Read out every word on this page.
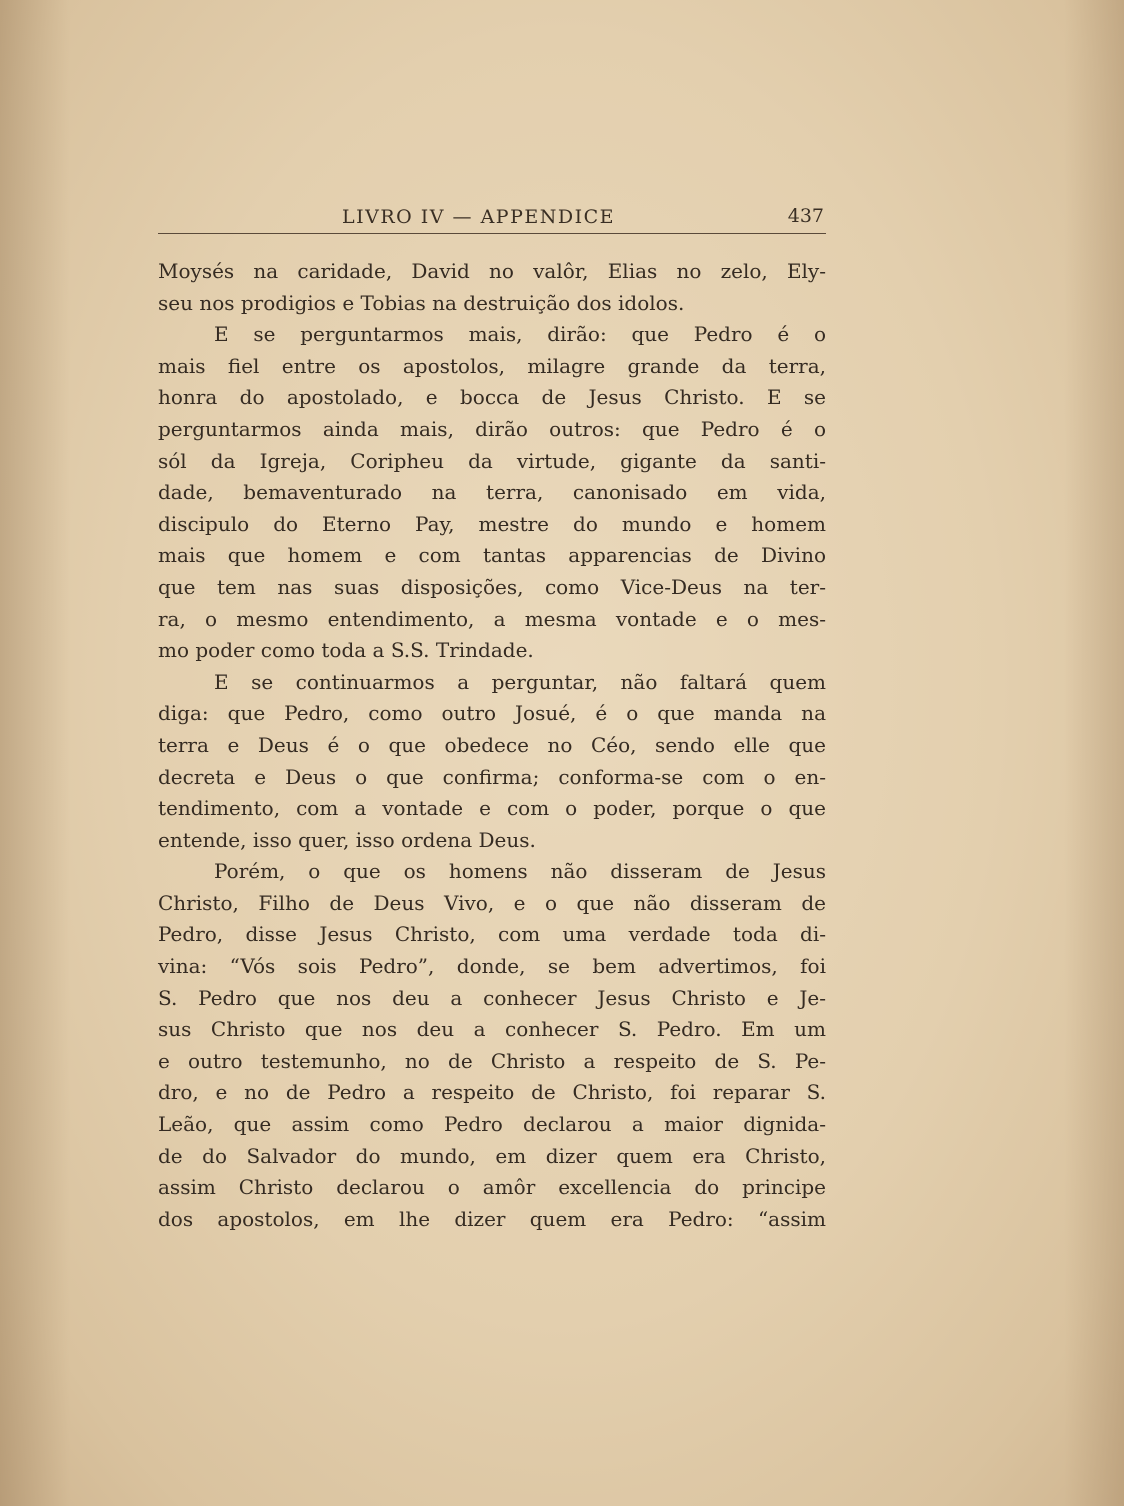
LIVRO IV — APPENDICE	437
Moysés na caridade, David no valôr, Elias no zelo, Ely-
seu nos prodigios e Tobias na destruição dos idolos.
E se perguntarmos mais, dirão: que Pedro é o
mais fiel entre os apostolos, milagre grande da terra,
honra do apostolado, e bocca de Jesus Christo. E se
perguntarmos ainda mais, dirão outros: que Pedro é o
sól da Igreja, Coripheu da virtude, gigante da santi-
dade, bemaventurado na terra, canonisado em vida,
discipulo do Eterno Pay, mestre do mundo e homem
mais que homem e com tantas apparencias de Divino
que tem nas suas disposições, como Vice-Deus na ter-
ra, o mesmo entendimento, a mesma vontade e o mes-
mo poder como toda a S.S. Trindade.
E se continuarmos a perguntar, não faltará quem
diga: que Pedro, como outro Josué, é o que manda na
terra e Deus é o que obedece no Céo, sendo elle que
decreta e Deus o que confirma; conforma-se com o en-
tendimento, com a vontade e com o poder, porque o que
entende, isso quer, isso ordena Deus.
Porém, o que os homens não disseram de Jesus
Christo, Filho de Deus Vivo, e o que não disseram de
Pedro, disse Jesus Christo, com uma verdade toda di-
vina: “Vós sois Pedro”, donde, se bem advertimos, foi
S. Pedro que nos deu a conhecer Jesus Christo e Je-
sus Christo que nos deu a conhecer S. Pedro. Em um
e outro testemunho, no de Christo a respeito de S. Pe-
dro, e no de Pedro a respeito de Christo, foi reparar S.
Leão, que assim como Pedro declarou a maior dignida-
de do Salvador do mundo, em dizer quem era Christo,
assim Christo declarou o amôr excellencia do principe
dos apostolos, em lhe dizer quem era Pedro: “assim
